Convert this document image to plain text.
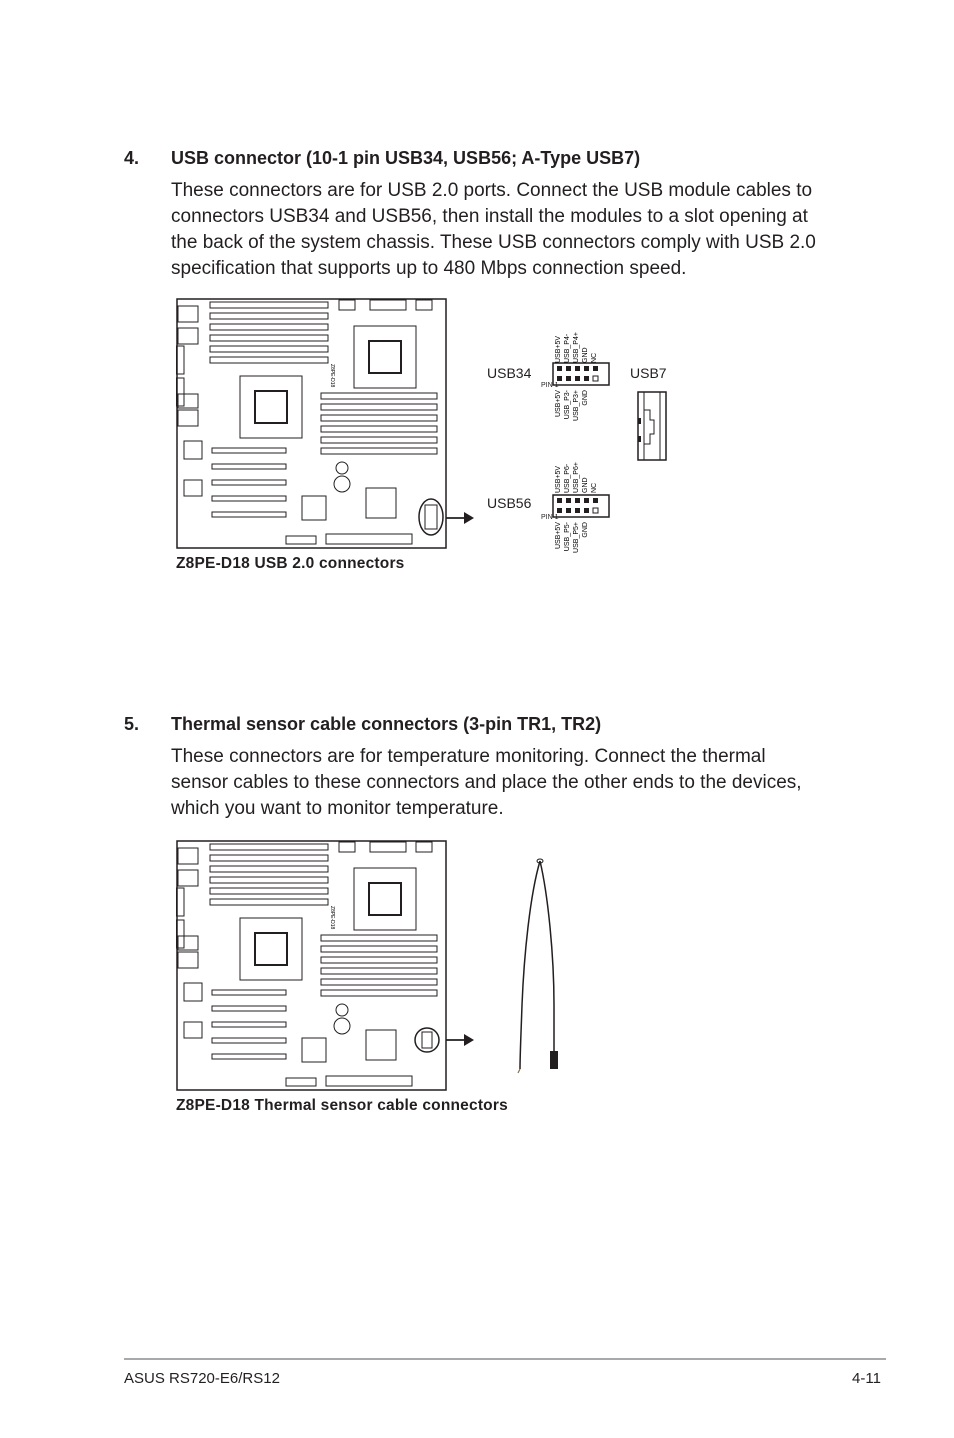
4. USB connector (10-1 pin USB34, USB56; A-Type USB7)
These connectors are for USB 2.0 ports. Connect the USB module cables to
connectors USB34 and USB56, then install the modules to a slot opening at
the back of the system chassis. These USB connectors comply with USB 2.0
specification that supports up to 480 Mbps connection speed.
Z8PE-D18	USB34
USB56
USB7
PIN 1
PIN 1
USB+5V USB_P4- USB_P4+ GND NC
USB+5V USB_P3- USB_P3+ GND
USB+5V USB_P6- USB_P6+ GND NC
USB+5V USB_P5- USB_P5+ GND
Z8PE-D18 USB 2.0 connectors
5. Thermal sensor cable connectors (3-pin TR1, TR2)
These connectors are for temperature monitoring. Connect the thermal
sensor cables to these connectors and place the other ends to the devices,
which you want to monitor temperature.
Z8PE-D18
Z8PE-D18 Thermal sensor cable connectors
ASUS RS720-E6/RS12	4-11
